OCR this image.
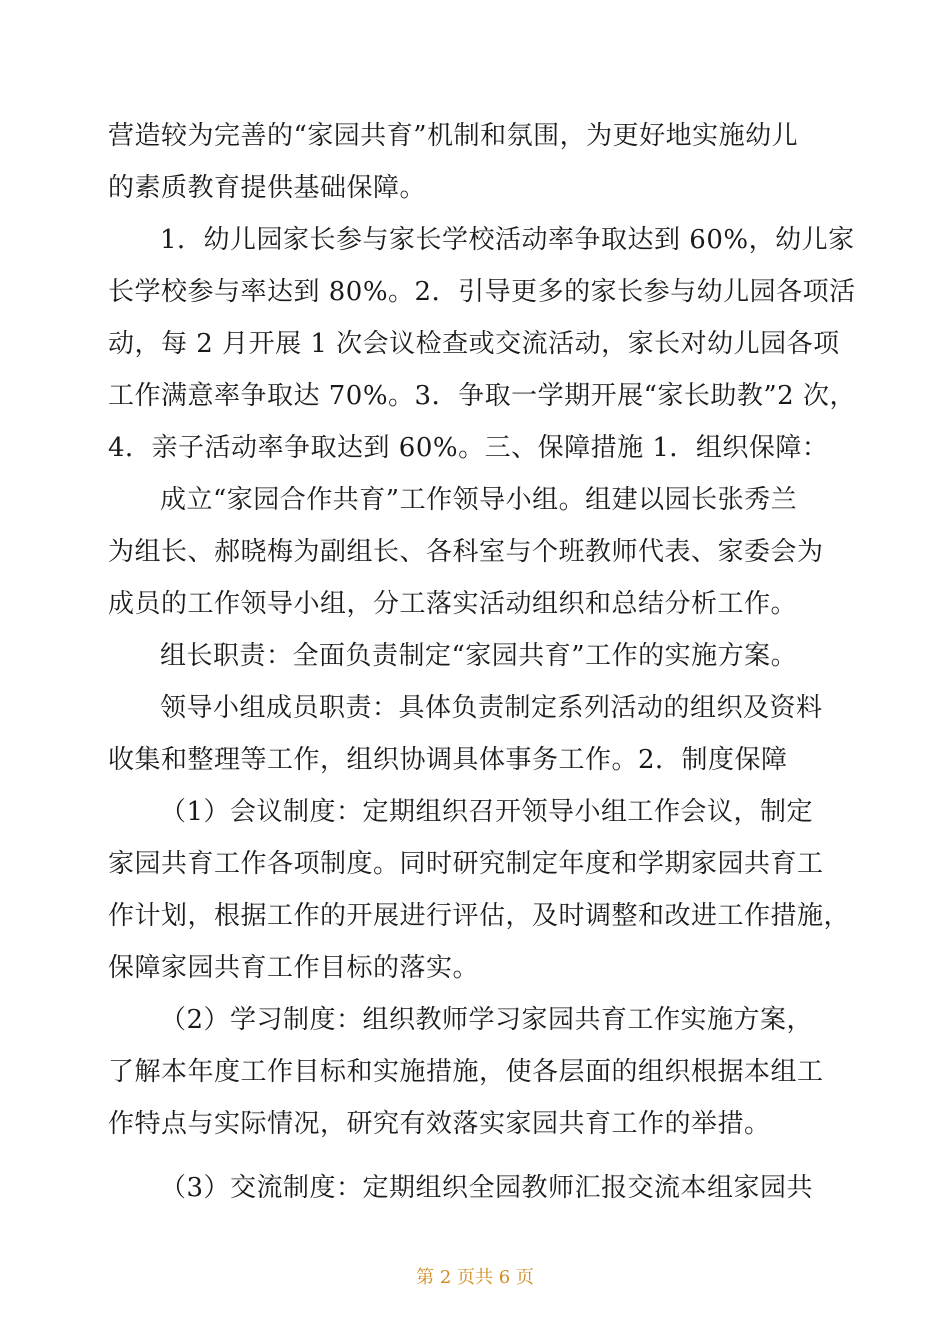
营造较为完善的“家园共育”机制和氛围，为更好地实施幼儿
的素质教育提供基础保障。
1．幼儿园家长参与家长学校活动率争取达到 60%，幼儿家
长学校参与率达到 80%。2．引导更多的家长参与幼儿园各项活
动，每 2 月开展 1 次会议检查或交流活动，家长对幼儿园各项
工作满意率争取达 70%。3．争取一学期开展“家长助教”2 次，
4．亲子活动率争取达到 60%。三、保障措施 1．组织保障：
成立“家园合作共育”工作领导小组。组建以园长张秀兰
为组长、郝晓梅为副组长、各科室与个班教师代表、家委会为
成员的工作领导小组，分工落实活动组织和总结分析工作。
组长职责：全面负责制定“家园共育”工作的实施方案。
领导小组成员职责：具体负责制定系列活动的组织及资料
收集和整理等工作，组织协调具体事务工作。2．制度保障
（1）会议制度：定期组织召开领导小组工作会议，制定
家园共育工作各项制度。同时研究制定年度和学期家园共育工
作计划，根据工作的开展进行评估，及时调整和改进工作措施，
保障家园共育工作目标的落实。
（2）学习制度：组织教师学习家园共育工作实施方案，
了解本年度工作目标和实施措施，使各层面的组织根据本组工
作特点与实际情况，研究有效落实家园共育工作的举措。
（3）交流制度：定期组织全园教师汇报交流本组家园共
第 2 页共 6 页
